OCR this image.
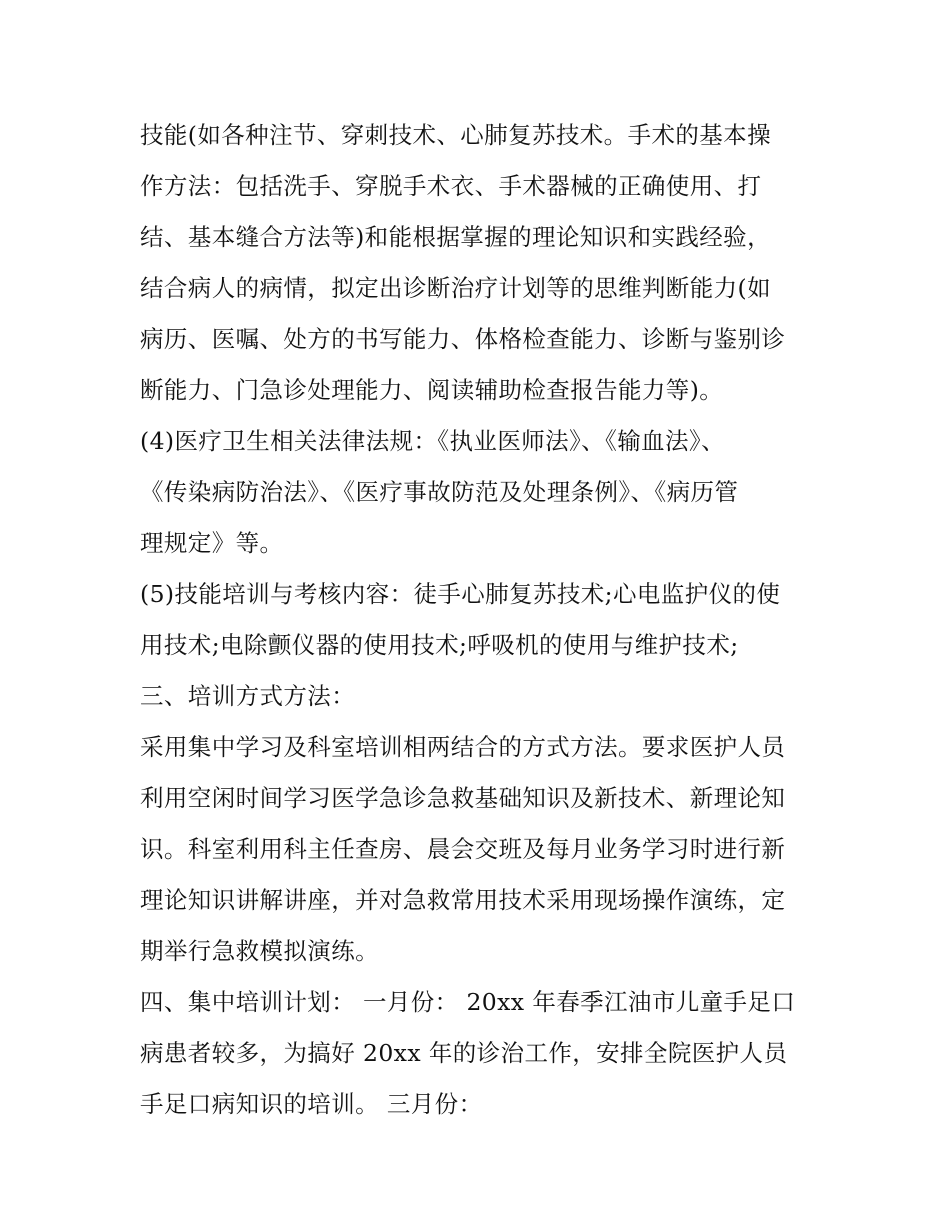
技能(如各种注节、穿刺技术、心肺复苏技术。手术的基本操
作方法：包括洗手、穿脱手术衣、手术器械的正确使用、打
结、基本缝合方法等)和能根据掌握的理论知识和实践经验，
结合病人的病情，拟定出诊断治疗计划等的思维判断能力(如
病历、医嘱、处方的书写能力、体格检查能力、诊断与鉴别诊
断能力、门急诊处理能力、阅读辅助检查报告能力等)。
(4)医疗卫生相关法律法规：《执业医师法》、《输血法》、
《传染病防治法》、《医疗事故防范及处理条例》、《病历管
理规定》等。
(5)技能培训与考核内容：徒手心肺复苏技术;心电监护仪的使
用技术;电除颤仪器的使用技术;呼吸机的使用与维护技术;
三、培训方式方法：
采用集中学习及科室培训相两结合的方式方法。要求医护人员
利用空闲时间学习医学急诊急救基础知识及新技术、新理论知
识。科室利用科主任查房、晨会交班及每月业务学习时进行新
理论知识讲解讲座，并对急救常用技术采用现场操作演练，定
期举行急救模拟演练。
四、集中培训计划： 一月份： 20xx 年春季江油市儿童手足口
病患者较多，为搞好 20xx 年的诊治工作，安排全院医护人员
手足口病知识的培训。 三月份：
